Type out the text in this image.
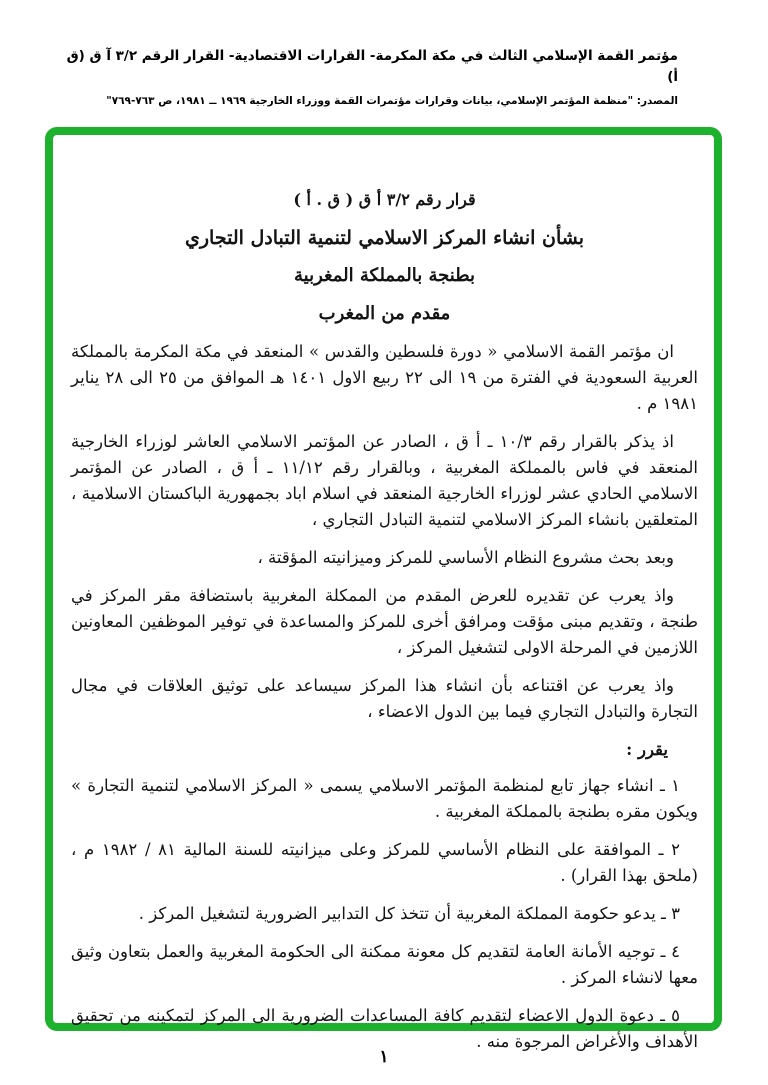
مؤتمر القمة الإسلامي الثالث في مكة المكرمة- القرارات الاقتصادية- القرار الرقم ٣/٢ آ ق (ق أ)
المصدر: "منظمة المؤتمر الإسلامي، بيانات وقرارات مؤتمرات القمة ووزراء الخارجية ١٩٦٩ ــ ١٩٨١، ص ٧٦٣-٧٦٩"

قرار رقم ٣/٢ أ ق ( ق . أ )

بشأن انشاء المركز الاسلامي لتنمية التبادل التجاري

بطنجة بالمملكة المغربية

مقدم من المغرب

ان مؤتمر القمة الاسلامي « دورة فلسطين والقدس » المنعقد في مكة المكرمة بالمملكة العربية السعودية في الفترة من ١٩ الى ٢٢ ربيع الاول ١٤٠١ هـ الموافق من ٢٥ الى ٢٨ يناير ١٩٨١ م .

اذ يذكر بالقرار رقم ١٠/٣ ـ أ ق ، الصادر عن المؤتمر الاسلامي العاشر لوزراء الخارجية المنعقد في فاس بالمملكة المغربية ، وبالقرار رقم ١١/١٢ ـ أ ق ، الصادر عن المؤتمر الاسلامي الحادي عشر لوزراء الخارجية المنعقد في اسلام اباد بجمهورية الباكستان الاسلامية ، المتعلقين بانشاء المركز الاسلامي لتنمية التبادل التجاري ،

وبعد بحث مشروع النظام الأساسي للمركز وميزانيته المؤقتة ،

واذ يعرب عن تقديره للعرض المقدم من الممكلة المغربية باستضافة مقر المركز في طنجة ، وتقديم مبنى مؤقت ومرافق أخرى للمركز والمساعدة في توفير الموظفين المعاونين اللازمين في المرحلة الاولى لتشغيل المركز ،

واذ يعرب عن اقتناعه بأن انشاء هذا المركز سيساعد على توثيق العلاقات في مجال التجارة والتبادل التجاري فيما بين الدول الاعضاء ،

يقرر :

١ ـ انشاء جهاز تابع لمنظمة المؤتمر الاسلامي يسمى « المركز الاسلامي لتنمية التجارة » ويكون مقره بطنجة بالمملكة المغربية .

٢ ـ الموافقة على النظام الأساسي للمركز وعلى ميزانيته للسنة المالية ٨١ / ١٩٨٢ م ، (ملحق بهذا القرار) .

٣ ـ يدعو حكومة المملكة المغربية أن تتخذ كل التدابير الضرورية لتشغيل المركز .

٤ ـ توجيه الأمانة العامة لتقديم كل معونة ممكنة الى الحكومة المغربية والعمل بتعاون وثيق معها لانشاء المركز .

٥ ـ دعوة الدول الاعضاء لتقديم كافة المساعدات الضرورية الى المركز لتمكينه من تحقيق الأهداف والأغراض المرجوة منه .

١
